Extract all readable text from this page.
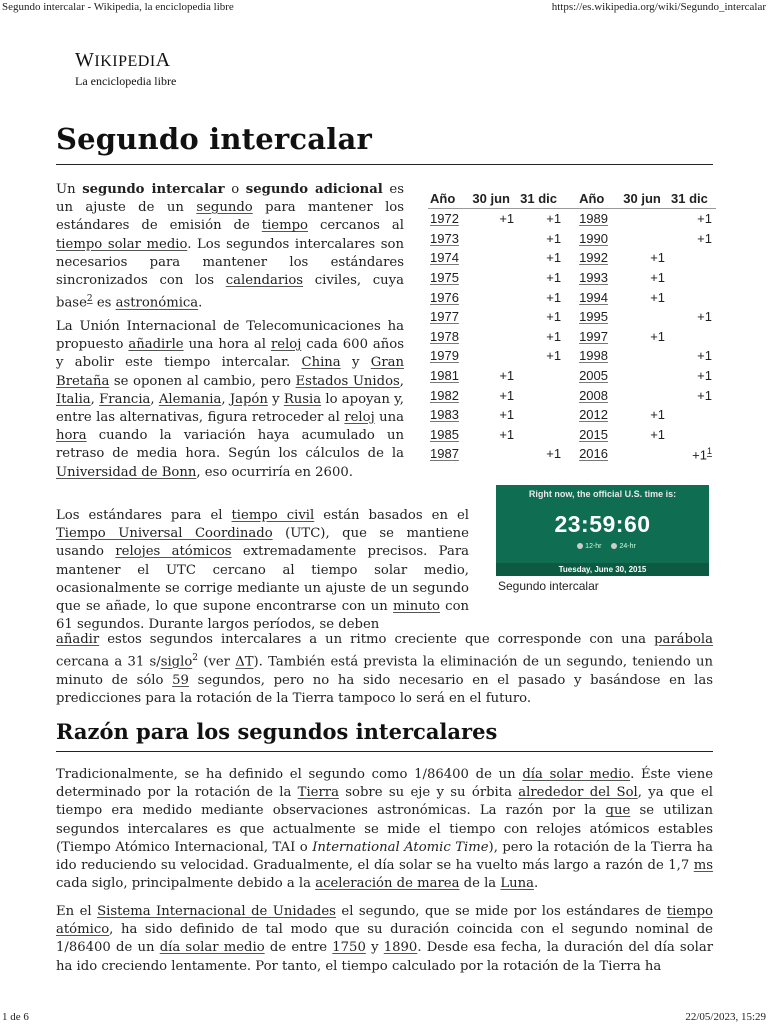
Segundo intercalar - Wikipedia, la enciclopedia libre	https://es.wikipedia.org/wiki/Segundo_intercalar
1 de 6	22/05/2023, 15:29
WIKIPEDIA
La enciclopedia libre
Segundo intercalar

Un segundo intercalar o segundo adicional es un ajuste de un segundo para mantener los estándares de emisión de tiempo cercanos al tiempo solar medio. Los segundos intercalares son necesarios para mantener los estándares sincronizados con los calendarios civiles, cuya base$^2$ es astronómica.

La Unión Internacional de Telecomunicaciones ha propuesto añadirle una hora al reloj cada 600 años y abolir este tiempo intercalar. China y Gran Bretaña se oponen al cambio, pero Estados Unidos, Italia, Francia, Alemania, Japón y Rusia lo apoyan y, entre las alternativas, figura retroceder al reloj una hora cuando la variación haya acumulado un retraso de media hora. Según los cálculos de la Universidad de Bonn, eso ocurriría en 2600.

Los estándares para el tiempo civil están basados en el Tiempo Universal Coordinado (UTC), que se mantiene usando relojes atómicos extremadamente precisos. Para mantener el UTC cercano al tiempo solar medio, ocasionalmente se corrige mediante un ajuste de un segundo que se añade, lo que supone encontrarse con un minuto con 61 segundos. Durante largos períodos, se deben

añadir estos segundos intercalares a un ritmo creciente que corresponde con una parábola cercana a 31 s/siglo$^2$ (ver ΔT). También está prevista la eliminación de un segundo, teniendo un minuto de sólo 59 segundos, pero no ha sido necesario en el pasado y basándose en las predicciones para la rotación de la Tierra tampoco lo será en el futuro.

Año	30 jun	31 dic	Año	30 jun	31 dic
1972	+1	+1	1989		+1
1973		+1	1990		+1
1974		+1	1992	+1	
1975		+1	1993	+1	
1976		+1	1994	+1	
1977		+1	1995		+1
1978		+1	1997	+1	
1979		+1	1998		+1
1981	+1		2005		+1
1982	+1		2008		+1
1983	+1		2012	+1	
1985	+1		2015	+1	
1987		+1	2016		$+1^1$
Right now, the official U.S. time is:
23:59:60
12-hr	24-hr
Tuesday, June 30, 2015
Segundo intercalar
Razón para los segundos intercalares

Tradicionalmente, se ha definido el segundo como 1/86400 de un día solar medio. Éste viene determinado por la rotación de la Tierra sobre su eje y su órbita alrededor del Sol, ya que el tiempo era medido mediante observaciones astronómicas. La razón por la que se utilizan segundos intercalares es que actualmente se mide el tiempo con relojes atómicos estables (Tiempo Atómico Internacional, TAI o International Atomic Time), pero la rotación de la Tierra ha ido reduciendo su velocidad. Gradualmente, el día solar se ha vuelto más largo a razón de 1,7 ms cada siglo, principalmente debido a la aceleración de marea de la Luna.

En el Sistema Internacional de Unidades el segundo, que se mide por los estándares de tiempo atómico, ha sido definido de tal modo que su duración coincida con el segundo nominal de 1/86400 de un día solar medio de entre 1750 y 1890. Desde esa fecha, la duración del día solar ha ido creciendo lentamente. Por tanto, el tiempo calculado por la rotación de la Tierra ha
